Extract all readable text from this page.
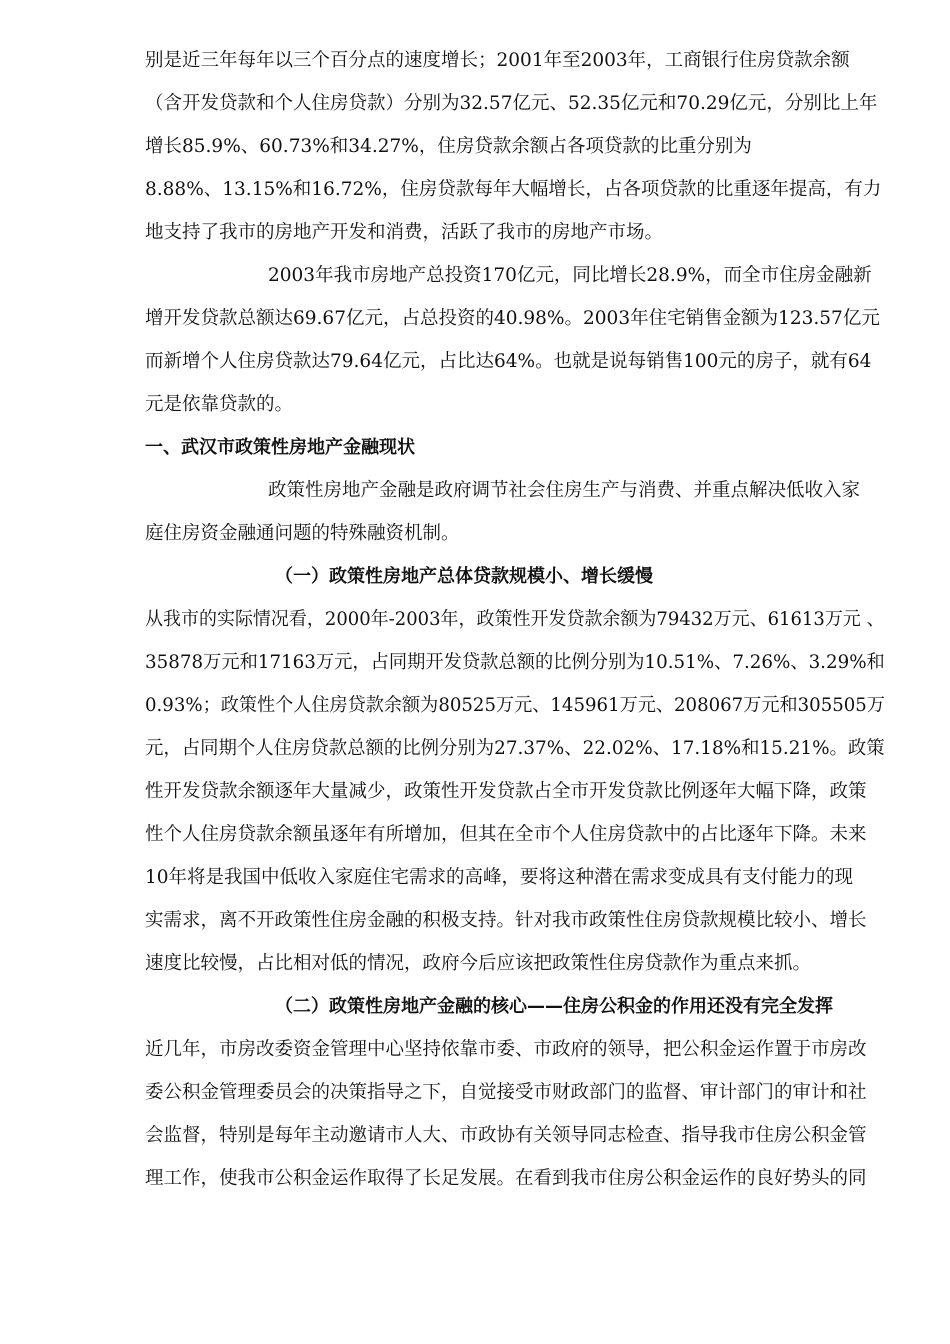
别是近三年每年以三个百分点的速度增长；2001年至2003年，工商银行住房贷款余额
（含开发贷款和个人住房贷款）分别为32.57亿元、52.35亿元和70.29亿元，分别比上年
增长85.9%、60.73%和34.27%，住房贷款余额占各项贷款的比重分别为
8.88%、13.15%和16.72%，住房贷款每年大幅增长，占各项贷款的比重逐年提高，有力
地支持了我市的房地产开发和消费，活跃了我市的房地产市场。
2003年我市房地产总投资170亿元，同比增长28.9%，而全市住房金融新
增开发贷款总额达69.67亿元，占总投资的40.98%。2003年住宅销售金额为123.57亿元
而新增个人住房贷款达79.64亿元，占比达64%。也就是说每销售100元的房子，就有64
元是依靠贷款的。
一、武汉市政策性房地产金融现状
政策性房地产金融是政府调节社会住房生产与消费、并重点解决低收入家
庭住房资金融通问题的特殊融资机制。
（一）政策性房地产总体贷款规模小、增长缓慢
从我市的实际情况看，2000年-2003年，政策性开发贷款余额为79432万元、61613万元 、
35878万元和17163万元，占同期开发贷款总额的比例分别为10.51%、7.26%、3.29%和
0.93%；政策性个人住房贷款余额为80525万元、145961万元、208067万元和305505万
元，占同期个人住房贷款总额的比例分别为27.37%、22.02%、17.18%和15.21%。政策
性开发贷款余额逐年大量减少，政策性开发贷款占全市开发贷款比例逐年大幅下降，政策
性个人住房贷款余额虽逐年有所增加，但其在全市个人住房贷款中的占比逐年下降。未来
10年将是我国中低收入家庭住宅需求的高峰，要将这种潜在需求变成具有支付能力的现
实需求，离不开政策性住房金融的积极支持。针对我市政策性住房贷款规模比较小、增长
速度比较慢，占比相对低的情况，政府今后应该把政策性住房贷款作为重点来抓。
（二）政策性房地产金融的核心——住房公积金的作用还没有完全发挥
近几年，市房改委资金管理中心坚持依靠市委、市政府的领导，把公积金运作置于市房改
委公积金管理委员会的决策指导之下，自觉接受市财政部门的监督、审计部门的审计和社
会监督，特别是每年主动邀请市人大、市政协有关领导同志检查、指导我市住房公积金管
理工作，使我市公积金运作取得了长足发展。在看到我市住房公积金运作的良好势头的同
